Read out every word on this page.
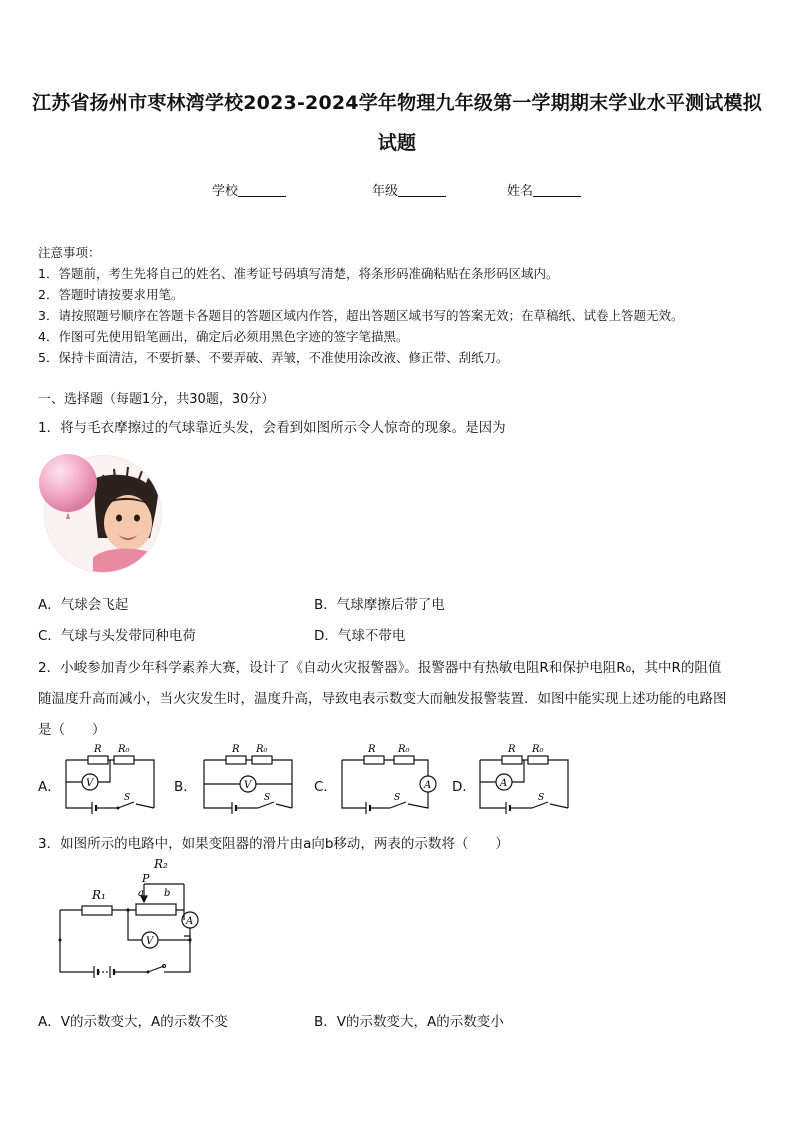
江苏省扬州市枣林湾学校2023-2024学年物理九年级第一学期期末学业水平测试模拟
试题
学校	年级	姓名
注意事项：
1．答题前，考生先将自己的姓名、准考证号码填写清楚，将条形码准确粘贴在条形码区域内。
2．答题时请按要求用笔。
3．请按照题号顺序在答题卡各题目的答题区域内作答，超出答题区域书写的答案无效；在草稿纸、试卷上答题无效。
4．作图可先使用铅笔画出，确定后必须用黑色字迹的签字笔描黑。
5．保持卡面清洁，不要折暴、不要弄破、弄皱，不准使用涂改液、修正带、刮纸刀。
一、选择题（每题1分，共30题，30分）
1．将与毛衣摩擦过的气球靠近头发，会看到如图所示令人惊奇的现象。是因为
A．气球会飞起	B．气球摩擦后带了电
C．气球与头发带同种电荷	D．气球不带电
2．小峻参加青少年科学素养大赛，设计了《自动火灾报警器》。报警器中有热敏电阻R和保护电阻R₀，其中R的阻值
随温度升高而减小，当火灾发生时，温度升高，导致电表示数变大而触发报警装置．如图中能实现上述功能的电路图
是（　　）
A．	B．	C．	D．
R R₀
V
S
R R₀
V
S
R R₀
A
S
R R₀
A
S
3．如图所示的电路中，如果变阻器的滑片由a向b移动，两表的示数将（　　）
R₁
R₂
P
a b
V
A
A．V的示数变大，A的示数不变	B．V的示数变大，A的示数变小
